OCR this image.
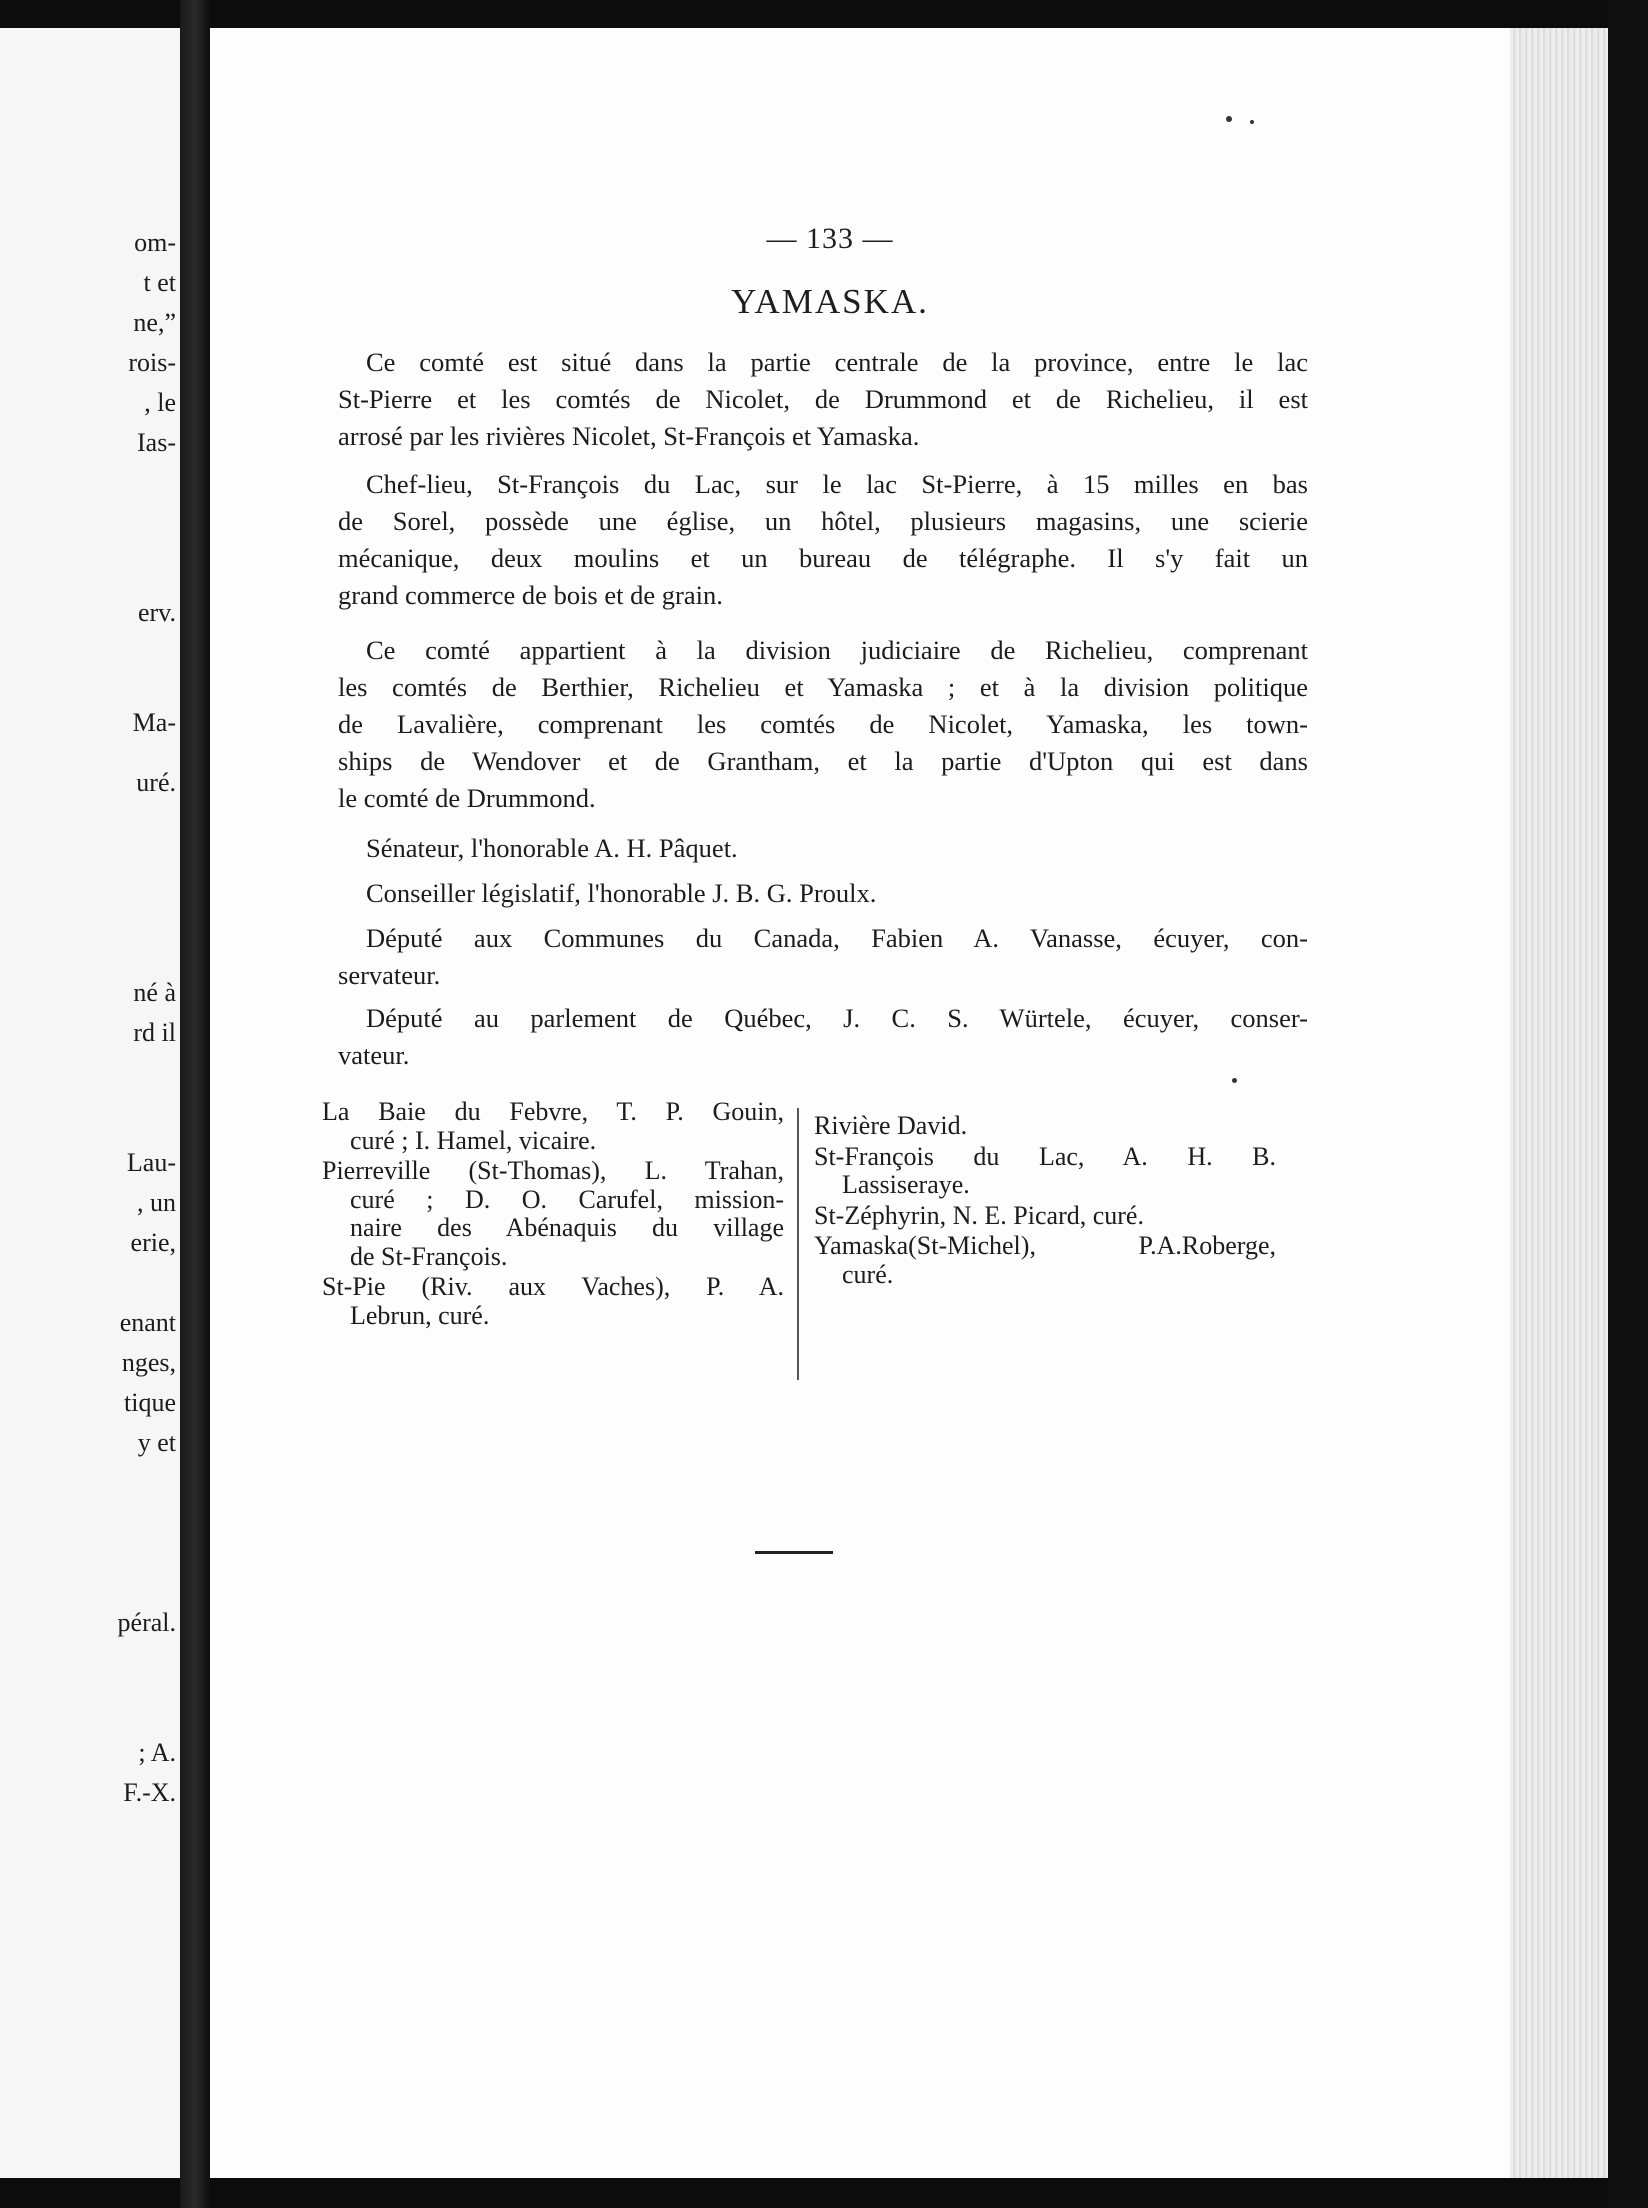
om-
t et
ne,”
rois-
, le
Ias-
erv.
Ma-
uré.
né à
rd il
Lau-
, un
erie,
enant
nges,
tique
y et
péral.
; A.
F.-X.
— 133 —
YAMASKA.
Ce comté est situé dans la partie centrale de la province, entre le lac
St-Pierre et les comtés de Nicolet, de Drummond et de Richelieu, il est
arrosé par les rivières Nicolet, St-François et Yamaska.
Chef-lieu, St-François du Lac, sur le lac St-Pierre, à 15 milles en bas
de Sorel, possède une église, un hôtel, plusieurs magasins, une scierie
mécanique, deux moulins et un bureau de télégraphe. Il s'y fait un
grand commerce de bois et de grain.
Ce comté appartient à la division judiciaire de Richelieu, comprenant
les comtés de Berthier, Richelieu et Yamaska ; et à la division politique
de Lavalière, comprenant les comtés de Nicolet, Yamaska, les town-
ships de Wendover et de Grantham, et la partie d'Upton qui est dans
le comté de Drummond.
Sénateur, l'honorable A. H. Pâquet.
Conseiller législatif, l'honorable J. B. G. Proulx.
Député aux Communes du Canada, Fabien A. Vanasse, écuyer, con-
servateur.
Député au parlement de Québec, J. C. S. Würtele, écuyer, conser-
vateur.
La Baie du Febvre, T. P. Gouin,
curé ; I. Hamel, vicaire.
Pierreville (St-Thomas), L. Trahan,
curé ; D. O. Carufel, mission-
naire des Abénaquis du village
de St-François.
St-Pie (Riv. aux Vaches), P. A.
Lebrun, curé.
Rivière David.
St-François du Lac, A. H. B.
Lassiseraye.
St-Zéphyrin, N. E. Picard, curé.
Yamaska(St-Michel), P.A.Roberge,
curé.
